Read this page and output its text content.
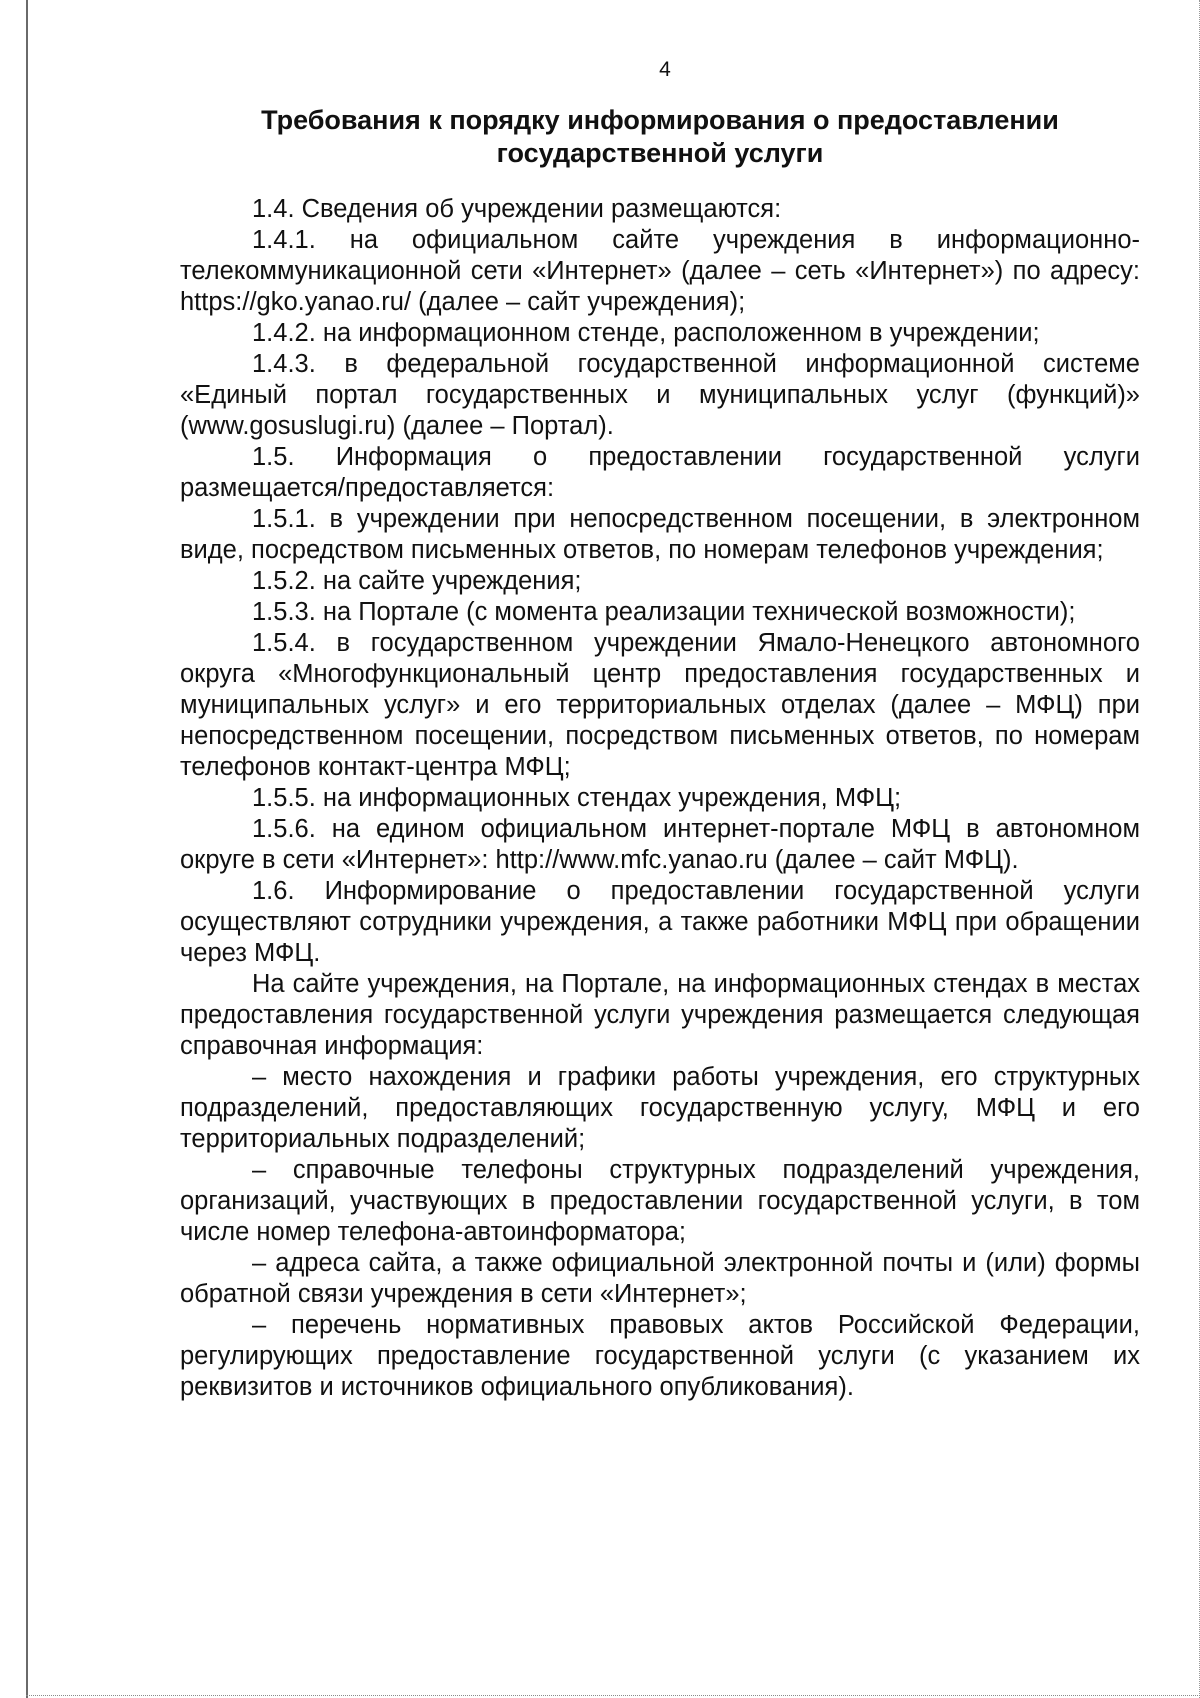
4
Требования к порядку информирования о предоставлении
государственной услуги

1.4. Сведения об учреждении размещаются:

1.4.1. на официальном сайте учреждения в информационно-телекоммуникационной сети «Интернет» (далее – сеть «Интернет») по адресу: https://gko.yanao.ru/ (далее – сайт учреждения);

1.4.2. на информационном стенде, расположенном в учреждении;

1.4.3. в федеральной государственной информационной системе «Единый портал государственных и муниципальных услуг (функций)» (www.gosuslugi.ru) (далее – Портал).

1.5. Информация о предоставлении государственной услуги размещается/предоставляется:

1.5.1. в учреждении при непосредственном посещении, в электронном виде, посредством письменных ответов, по номерам телефонов учреждения;

1.5.2. на сайте учреждения;

1.5.3. на Портале (с момента реализации технической возможности);

1.5.4. в государственном учреждении Ямало-Ненецкого автономного округа «Многофункциональный центр предоставления государственных и муниципальных услуг» и его территориальных отделах (далее – МФЦ) при непосредственном посещении, посредством письменных ответов, по номерам телефонов контакт-центра МФЦ;

1.5.5. на информационных стендах учреждения, МФЦ;

1.5.6. на едином официальном интернет-портале МФЦ в автономном округе в сети «Интернет»: http://www.mfc.yanao.ru (далее – сайт МФЦ).

1.6. Информирование о предоставлении государственной услуги осуществляют сотрудники учреждения, а также работники МФЦ при обращении через МФЦ.

На сайте учреждения, на Портале, на информационных стендах в местах предоставления государственной услуги учреждения размещается следующая справочная информация:

– место нахождения и графики работы учреждения, его структурных подразделений, предоставляющих государственную услугу, МФЦ и его территориальных подразделений;

– справочные телефоны структурных подразделений учреждения, организаций, участвующих в предоставлении государственной услуги, в том числе номер телефона-автоинформатора;

– адреса сайта, а также официальной электронной почты и (или) формы обратной связи учреждения в сети «Интернет»;

– перечень нормативных правовых актов Российской Федерации, регулирующих предоставление государственной услуги (с указанием их реквизитов и источников официального опубликования).
